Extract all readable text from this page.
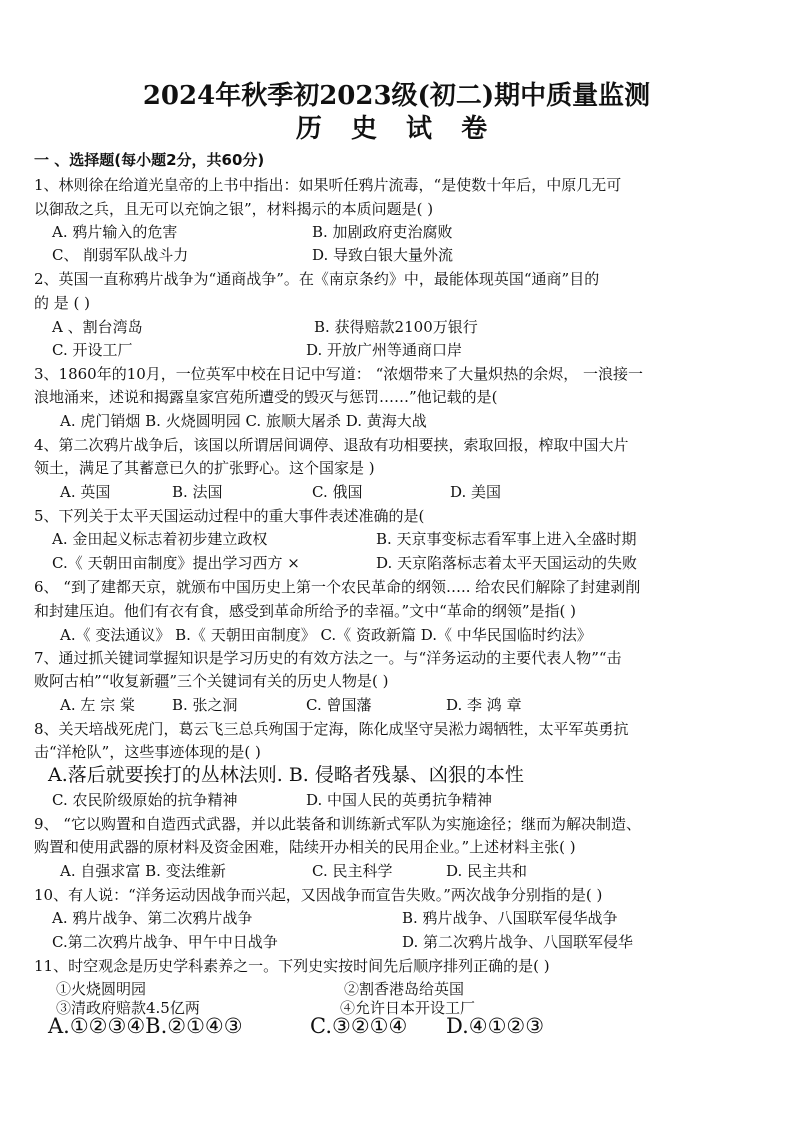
2024年秋季初2023级(初二)期中质量监测
历 史 试 卷
一 、选择题(每小题2分，共60分)
1、林则徐在给道光皇帝的上书中指出：如果听任鸦片流毒，“是使数十年后，中原几无可
以御敌之兵，且无可以充饷之银”，材料揭示的本质问题是( )
A. 鸦片输入的危害	B. 加剧政府吏治腐败
C、 削弱军队战斗力	D. 导致白银大量外流
2、英国一直称鸦片战争为“通商战争”。在《南京条约》中，最能体现英国“通商”目的
的 是 ( )
A 、割台湾岛	B. 获得赔款2100万银行
C. 开设工厂	D. 开放广州等通商口岸
3、1860年的10月，一位英军中校在日记中写道： “浓烟带来了大量炽热的余烬， 一浪接一
浪地涌来，述说和揭露皇家宫苑所遭受的毁灭与惩罚……”他记载的是(
A. 虎门销烟 B. 火烧圆明园 C. 旅顺大屠杀 D. 黄海大战
4、第二次鸦片战争后，该国以所谓居间调停、退敌有功相要挟，索取回报，榨取中国大片
领土，满足了其蓄意已久的扩张野心。这个国家是 )
A. 英国	B. 法国	C. 俄国	D. 美国
5、下列关于太平天国运动过程中的重大事件表述准确的是(
A. 金田起义标志着初步建立政权	B. 天京事变标志看军事上进入全盛时期
C.《 天朝田亩制度》提出学习西方 ×	D. 天京陷落标志着太平天国运动的失败
6、 “到了建都天京，就颁布中国历史上第一个农民革命的纲领….. 给农民们解除了封建剥削
和封建压迫。他们有衣有食，感受到革命所给予的幸福。”文中“革命的纲领”是指( )
A.《 变法通议》 B.《 天朝田亩制度》 C.《 资政新篇 D.《 中华民国临时约法》
7、通过抓关键词掌握知识是学习历史的有效方法之一。与“洋务运动的主要代表人物”“击
败阿古柏”“收复新疆”三个关键词有关的历史人物是( )
A. 左 宗 棠 B. 张之洞	C. 曾国藩	D. 李 鸿 章
8、关天培战死虎门，葛云飞三总兵殉国于定海，陈化成坚守吴淞力竭牺牲，太平军英勇抗
击“洋枪队”，这些事迹体现的是( )
A.落后就要挨打的丛林法则. B. 侵略者残暴、凶狠的本性
C. 农民阶级原始的抗争精神	D. 中国人民的英勇抗争精神
9、 “它以购置和自造西式武器，并以此装备和训练新式军队为实施途径；继而为解决制造、
购置和使用武器的原材料及资金困难，陆续开办相关的民用企业。”上述材料主张( )
A. 自强求富 B. 变法维新	C. 民主科学	D. 民主共和
10、有人说：“洋务运动因战争而兴起，又因战争而宣告失败。”两次战争分别指的是( )
A. 鸦片战争、第二次鸦片战争	B. 鸦片战争、八国联军侵华战争
C.第二次鸦片战争、甲午中日战争	D. 第二次鸦片战争、八国联军侵华
11、时空观念是历史学科素养之一。下列史实按时间先后顺序排列正确的是( )
①火烧圆明园	②割香港岛给英国
③清政府赔款4.5亿两	④允许日本开设工厂
A.①②③④B.②①④③	C.③②①④ D.④①②③
